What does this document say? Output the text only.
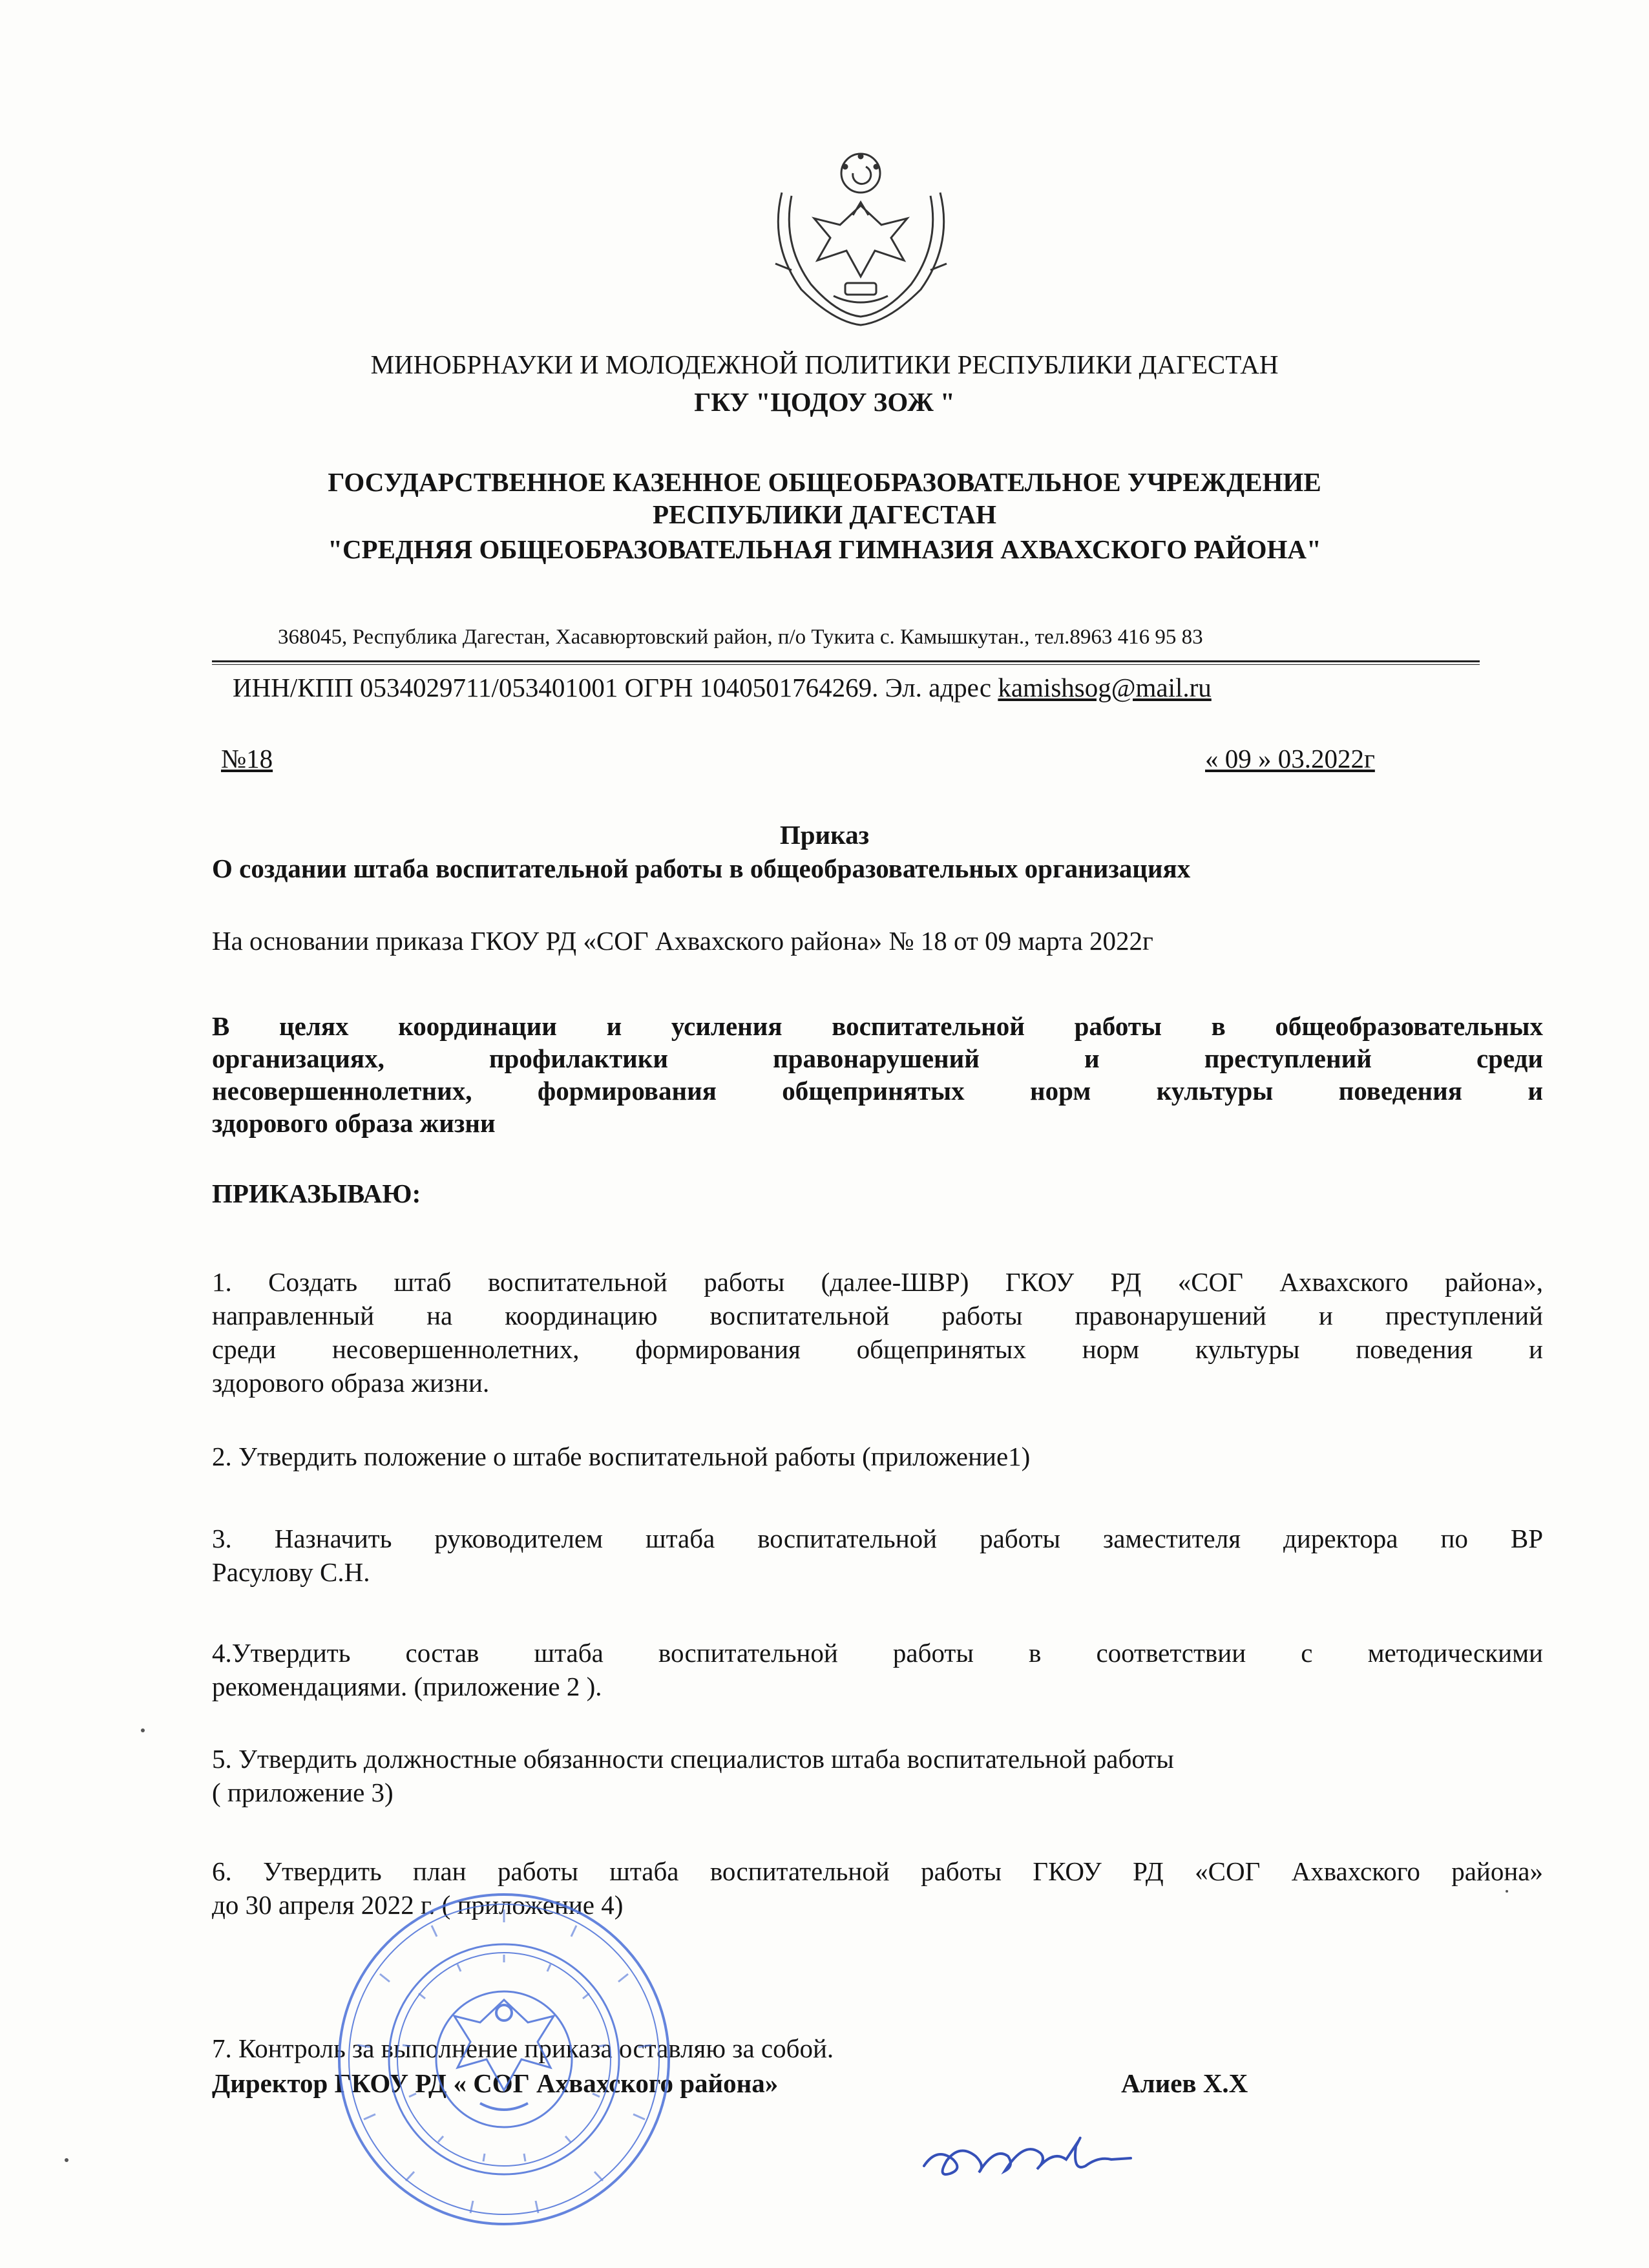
МИНОБРНАУКИ И МОЛОДЕЖНОЙ ПОЛИТИКИ РЕСПУБЛИКИ ДАГЕСТАН
ГКУ "ЦОДОУ ЗОЖ "
ГОСУДАРСТВЕННОЕ КАЗЕННОЕ ОБЩЕОБРАЗОВАТЕЛЬНОЕ УЧРЕЖДЕНИЕ
РЕСПУБЛИКИ ДАГЕСТАН
"СРЕДНЯЯ ОБЩЕОБРАЗОВАТЕЛЬНАЯ ГИМНАЗИЯ АХВАХСКОГО РАЙОНА"
368045, Республика Дагестан, Хасавюртовский район, п/о Тукита с. Камышкутан., тел.8963 416 95 83
ИНН/КПП 0534029711/053401001 ОГРН 1040501764269. Эл. адрес kamishsog@mail.ru
№18	« 09 » 03.2022г
Приказ
О создании штаба воспитательной работы в общеобразовательных организациях
На основании приказа ГКОУ РД «СОГ Ахвахского района» № 18 от 09 марта 2022г
В целях координации и усиления воспитательной работы в общеобразовательных
организациях, профилактики правонарушений и преступлений среди
несовершеннолетних, формирования общепринятых норм культуры поведения и
здорового образа жизни
ПРИКАЗЫВАЮ:
1. Создать штаб воспитательной работы (далее-ШВР) ГКОУ РД «СОГ Ахвахского района»,
направленный на координацию воспитательной работы правонарушений и преступлений
среди несовершеннолетних, формирования общепринятых норм культуры поведения и
здорового образа жизни.
2. Утвердить положение о штабе воспитательной работы (приложение1)
3. Назначить руководителем штаба воспитательной работы заместителя директора по ВР
Расулову С.Н.
4.Утвердить состав штаба воспитательной работы в соответствии с методическими
рекомендациями. (приложение 2 ).
5. Утвердить должностные обязанности специалистов штаба воспитательной работы
( приложение 3)
6. Утвердить план работы штаба воспитательной работы ГКОУ РД «СОГ Ахвахского района»
до 30 апреля 2022 г. ( приложение 4)
7. Контроль за выполнение приказа оставляю за собой.
Директор ГКОУ РД « СОГ Ахвахского района»	Алиев Х.Х
